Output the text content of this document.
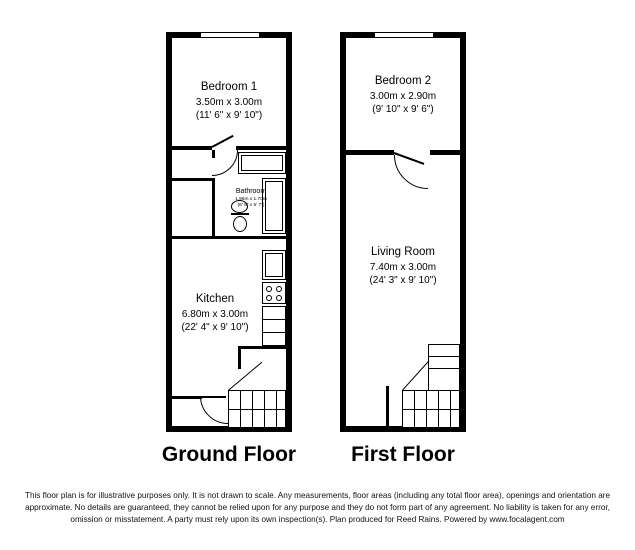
Bedroom 1
3.50m x 3.00m
(11' 6" x 9' 10")
Bathroom
1.95m x 1.70m
(6' 5" x 5' 7")
Kitchen
6.80m x 3.00m
(22' 4" x 9' 10")
Ground Floor
Bedroom 2
3.00m x 2.90m
(9' 10" x 9' 6")
Living Room
7.40m x 3.00m
(24' 3" x 9' 10")
First Floor
This floor plan is for illustrative purposes only. It is not drawn to scale. Any measurements, floor areas (including any total floor area), openings and orientation are approximate. No details are guaranteed, they cannot be relied upon for any purpose and they do not form part of any agreement. No liability is taken for any error, omission or misstatement. A party must rely upon its own inspection(s). Plan produced for Reed Rains. Powered by www.focalagent.com
